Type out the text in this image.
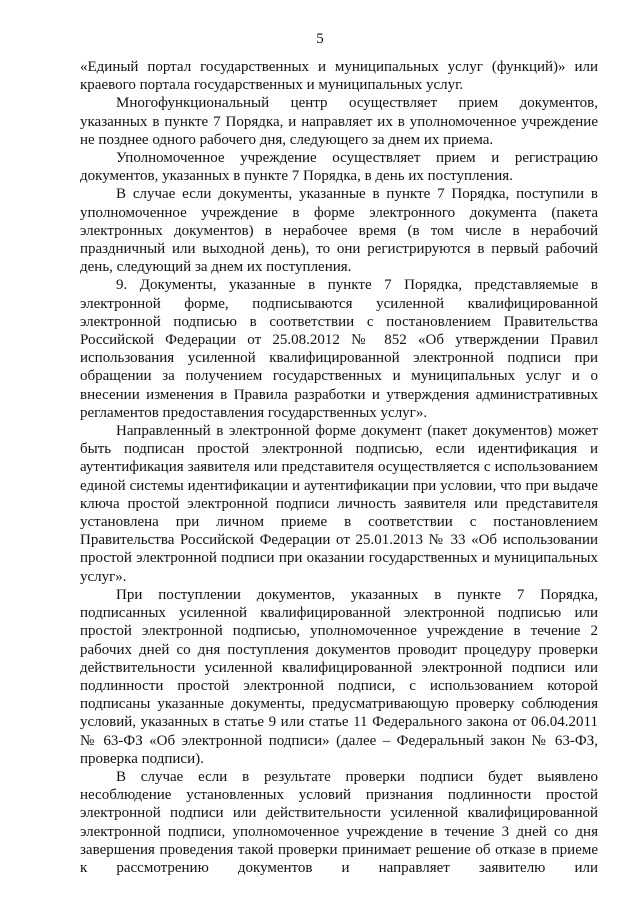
5

«Единый портал государственных и муниципальных услуг (функций)» или краевого портала государственных и муниципальных услуг.

Многофункциональный центр осуществляет прием документов, указанных в пункте 7 Порядка, и направляет их в уполномоченное учреждение не позднее одного рабочего дня, следующего за днем их приема.

Уполномоченное учреждение осуществляет прием и регистрацию документов, указанных в пункте 7 Порядка, в день их поступления.

В случае если документы, указанные в пункте 7 Порядка, поступили в уполномоченное учреждение в форме электронного документа (пакета электронных документов) в нерабочее время (в том числе в нерабочий праздничный или выходной день), то они регистрируются в первый рабочий день, следующий за днем их поступления.

9. Документы, указанные в пункте 7 Порядка, представляемые в электронной форме, подписываются усиленной квалифицированной электронной подписью в соответствии с постановлением Правительства Российской Федерации от 25.08.2012 № 852 «Об утверждении Правил использования усиленной квалифицированной электронной подписи при обращении за получением государственных и муниципальных услуг и о внесении изменения в Правила разработки и утверждения административных регламентов предоставления государственных услуг».

Направленный в электронной форме документ (пакет документов) может быть подписан простой электронной подписью, если идентификация и аутентификация заявителя или представителя осуществляется с использованием единой системы идентификации и аутентификации при условии, что при выдаче ключа простой электронной подписи личность заявителя или представителя установлена при личном приеме в соответствии с постановлением Правительства Российской Федерации от 25.01.2013 № 33 «Об использовании простой электронной подписи при оказании государственных и муниципальных услуг».

При поступлении документов, указанных в пункте 7 Порядка, подписанных усиленной квалифицированной электронной подписью или простой электронной подписью, уполномоченное учреждение в течение 2 рабочих дней со дня поступления документов проводит процедуру проверки действительности усиленной квалифицированной электронной подписи или подлинности простой электронной подписи, с использованием которой подписаны указанные документы, предусматривающую проверку соблюдения условий, указанных в статье 9 или статье 11 Федерального закона от 06.04.2011 № 63-ФЗ «Об электронной подписи» (далее – Федеральный закон № 63-ФЗ, проверка подписи).

В случае если в результате проверки подписи будет выявлено несоблюдение установленных условий признания подлинности простой электронной подписи или действительности усиленной квалифицированной электронной подписи, уполномоченное учреждение в течение 3 дней со дня завершения проведения такой проверки принимает решение об отказе в приеме к рассмотрению документов и направляет заявителю или
